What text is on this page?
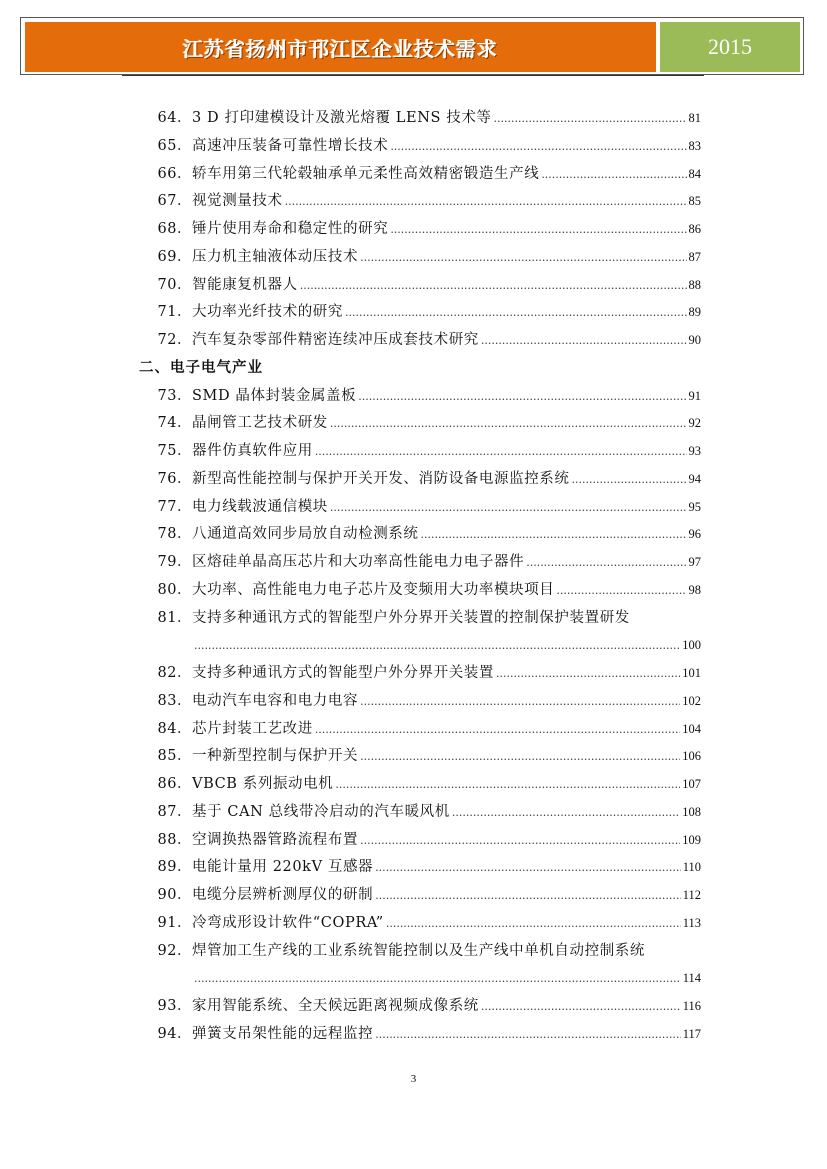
江苏省扬州市邗江区企业技术需求	2015
64． 3 D 打印建模设计及激光熔覆 LENS 技术等 .....	81
65． 高速冲压装备可靠性增长技术 .....	83
66． 轿车用第三代轮毂轴承单元柔性高效精密锻造生产线 .....	84
67． 视觉测量技术 .....	85
68． 锤片使用寿命和稳定性的研究 .....	86
69． 压力机主轴液体动压技术 .....	87
70． 智能康复机器人 .....	88
71． 大功率光纤技术的研究 .....	89
72． 汽车复杂零部件精密连续冲压成套技术研究 .....	90
二、电子电气产业
73． SMD 晶体封装金属盖板 .....	91
74． 晶闸管工艺技术研发 .....	92
75． 器件仿真软件应用 .....	93
76． 新型高性能控制与保护开关开发、消防设备电源监控系统 .....	94
77． 电力线载波通信模块 .....	95
78． 八通道高效同步局放自动检测系统 .....	96
79． 区熔硅单晶高压芯片和大功率高性能电力电子器件 .....	97
80． 大功率、高性能电力电子芯片及变频用大功率模块项目 .....	98
81． 支持多种通讯方式的智能型户外分界开关装置的控制保护装置研发
.....
100
82． 支持多种通讯方式的智能型户外分界开关装置 .....	101
83． 电动汽车电容和电力电容 .....	102
84． 芯片封装工艺改进 .....	104
85． 一种新型控制与保护开关 .....	106
86． VBCB 系列振动电机 .....	107
87． 基于 CAN 总线带冷启动的汽车暖风机 .....	108
88． 空调换热器管路流程布置 .....	109
89． 电能计量用 220kV 互感器 .....	110
90． 电缆分层辨析测厚仪的研制 .....	112
91． 冷弯成形设计软件“COPRA” .....	113
92． 焊管加工生产线的工业系统智能控制以及生产线中单机自动控制系统
.....
114
93． 家用智能系统、全天候远距离视频成像系统 .....	116
94． 弹簧支吊架性能的远程监控 .....	117
3
